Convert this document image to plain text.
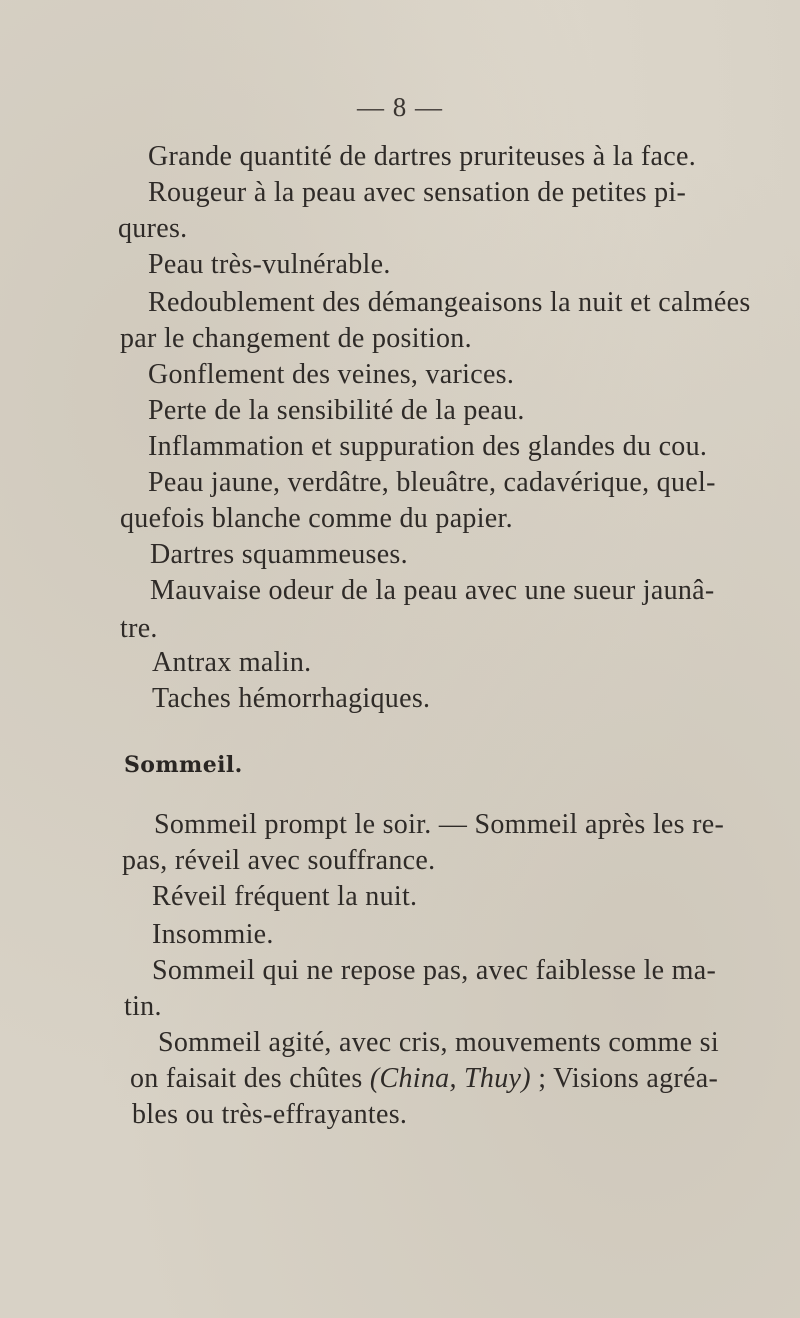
— 8 —
Grande quantité de dartres pruriteuses à la face.
Rougeur à la peau avec sensation de petites pi-
qures.
Peau très-vulnérable.
Redoublement des démangeaisons la nuit et calmées
par le changement de position.
Gonflement des veines, varices.
Perte de la sensibilité de la peau.
Inflammation et suppuration des glandes du cou.
Peau jaune, verdâtre, bleuâtre, cadavérique, quel-
quefois blanche comme du papier.
Dartres squammeuses.
Mauvaise odeur de la peau avec une sueur jaunâ-
tre.
Antrax malin.
Taches hémorrhagiques.
Sommeil.
Sommeil prompt le soir. — Sommeil après les re-
pas, réveil avec souffrance.
Réveil fréquent la nuit.
Insommie.
Sommeil qui ne repose pas, avec faiblesse le ma-
tin.
Sommeil agité, avec cris, mouvements comme si
on faisait des chûtes (China, Thuy) ; Visions agréa-
bles ou très-effrayantes.
